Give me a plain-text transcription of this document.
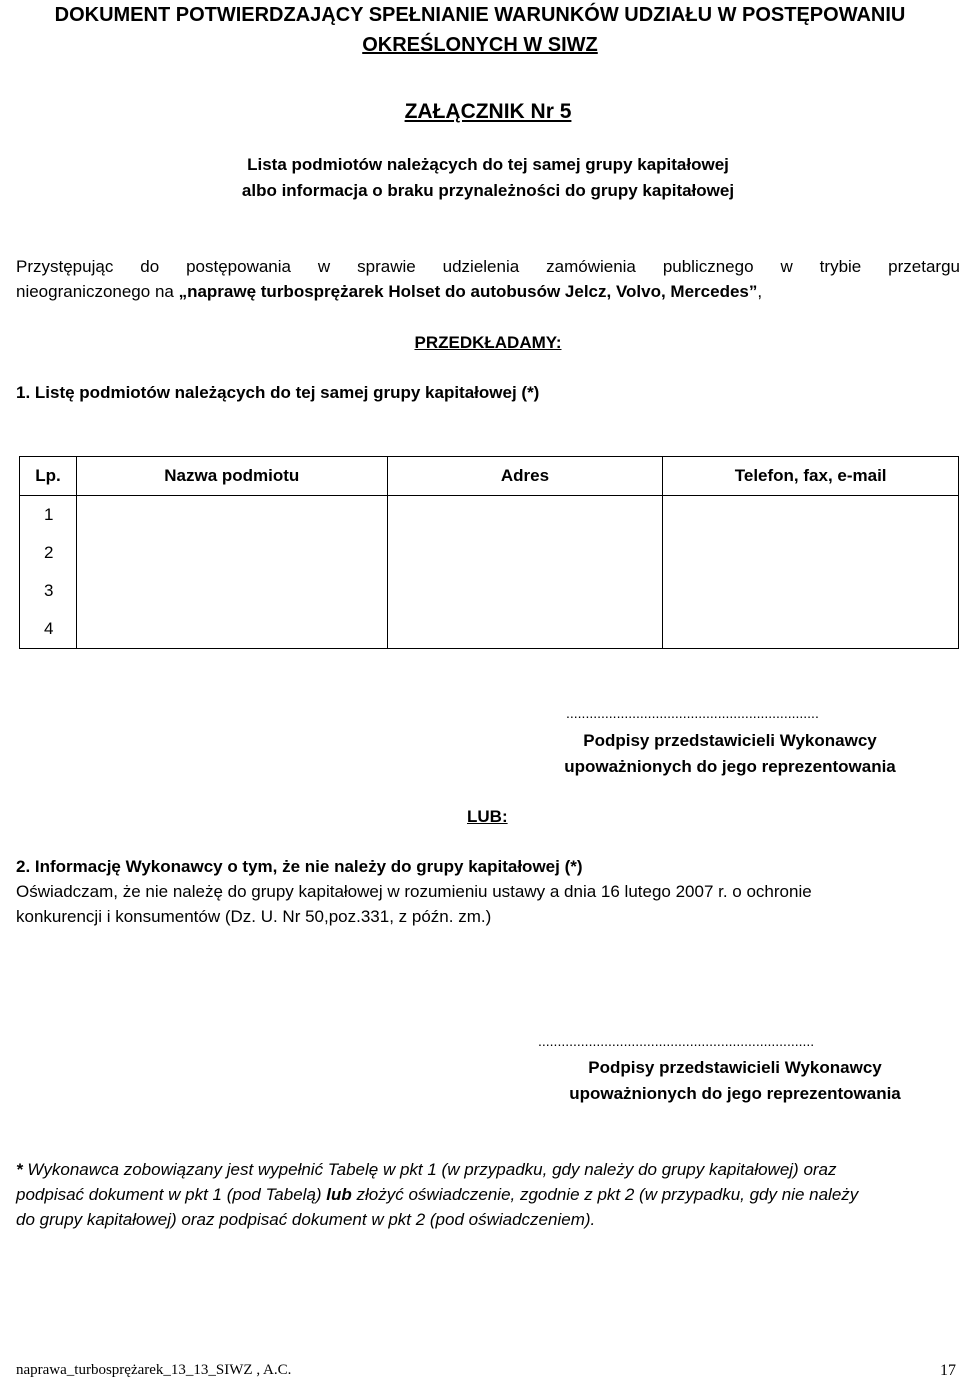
DOKUMENT POTWIERDZAJĄCY SPEŁNIANIE WARUNKÓW UDZIAŁU W POSTĘPOWANIU

OKREŚLONYCH W SIWZ

ZAŁĄCZNIK Nr 5

Lista podmiotów należących do tej samej grupy kapitałowej

albo informacja o braku przynależności do grupy kapitałowej

Przystępując do postępowania w sprawie udzielenia zamówienia publicznego w trybie przetargu

nieograniczonego na „naprawę turbosprężarek Holset do autobusów Jelcz, Volvo, Mercedes”,

PRZEDKŁADAMY:

1. Listę podmiotów należących do tej samej grupy kapitałowej (*)

Lp.	Nazwa podmiotu	Adres	Telefon, fax, e-mail
1			
2			
3			
4			

.................................................................

Podpisy przedstawicieli Wykonawcy

upoważnionych do jego reprezentowania

LUB:

2. Informację Wykonawcy o tym, że nie należy do grupy kapitałowej (*)

Oświadczam, że nie należę do grupy kapitałowej w rozumieniu ustawy a dnia 16 lutego 2007 r. o ochronie

konkurencji i konsumentów (Dz. U. Nr 50,poz.331, z późn. zm.)

.......................................................................

Podpisy przedstawicieli Wykonawcy

upoważnionych do jego reprezentowania

* Wykonawca zobowiązany jest wypełnić Tabelę w pkt 1 (w przypadku, gdy należy do grupy kapitałowej) oraz

podpisać dokument w pkt 1 (pod Tabelą) lub złożyć oświadczenie, zgodnie z pkt 2 (w przypadku, gdy nie należy

do grupy kapitałowej) oraz podpisać dokument w pkt 2 (pod oświadczeniem).

naprawa_turbosprężarek_13_13_SIWZ , A.C.	17
